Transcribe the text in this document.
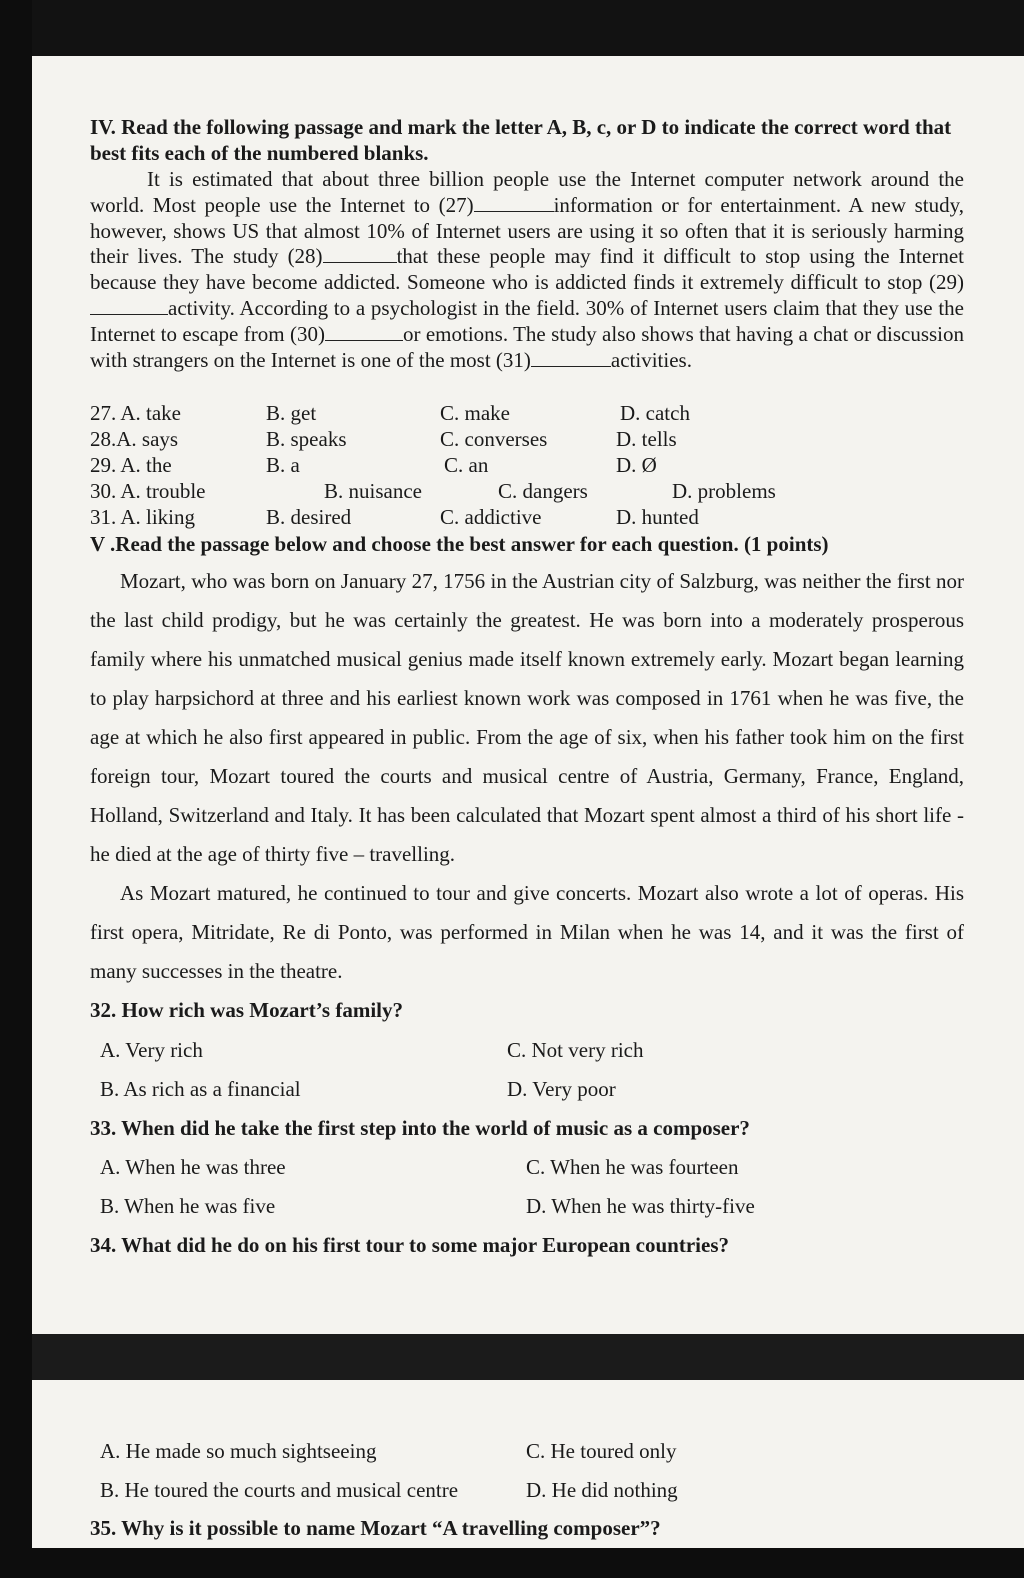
IV. Read the following passage and mark the letter A, B, c, or D to indicate the correct word that best fits each of the numbered blanks.

It is estimated that about three billion people use the Internet computer network around the world. Most people use the Internet to (27)	information or for entertainment. A new study, however, shows US that almost 10% of Internet users are using it so often that it is seriously harming their lives. The study (28)	that these people may find it difficult to stop using the Internet because they have become addicted. Someone who is addicted finds it extremely difficult to stop (29)activity. According to a psychologist in the field. 30% of Internet users claim that they use the Internet to escape from (30)	or emotions. The study also shows that having a chat or discussion with strangers on the Internet is one of the most (31)	activities.

27. A. take	B. get	C. make	D. catch
28.A. says	B. speaks	C. converses	D. tells
29. A. the	B. a	C. an	D. Ø
30. A. trouble	B. nuisance	C. dangers	D. problems
31. A. liking	B. desired	C. addictive	D. hunted

V .Read the passage below and choose the best answer for each question. (1 points)

Mozart, who was born on January 27, 1756 in the Austrian city of Salzburg, was neither the first nor the last child prodigy, but he was certainly the greatest. He was born into a moderately prosperous family where his unmatched musical genius made itself known extremely early. Mozart began learning to play harpsichord at three and his earliest known work was composed in 1761 when he was five, the age at which he also first appeared in public. From the age of six, when his father took him on the first foreign tour, Mozart toured the courts and musical centre of Austria, Germany, France, England, Holland, Switzerland and Italy. It has been calculated that Mozart spent almost a third of his short life - he died at the age of thirty five – travelling.

As Mozart matured, he continued to tour and give concerts. Mozart also wrote a lot of operas. His first opera, Mitridate, Re di Ponto, was performed in Milan when he was 14, and it was the first of many successes in the theatre.

32. How rich was Mozart’s family?
A. Very rich	C. Not very rich
B. As rich as a financial	D. Very poor
33. When did he take the first step into the world of music as a composer?
A. When he was three	C. When he was fourteen
B. When he was five	D. When he was thirty-five
34. What did he do on his first tour to some major European countries?
A. He made so much sightseeing	C. He toured only
B. He toured the courts and musical centre	D. He did nothing
35. Why is it possible to name Mozart “A travelling composer”?
